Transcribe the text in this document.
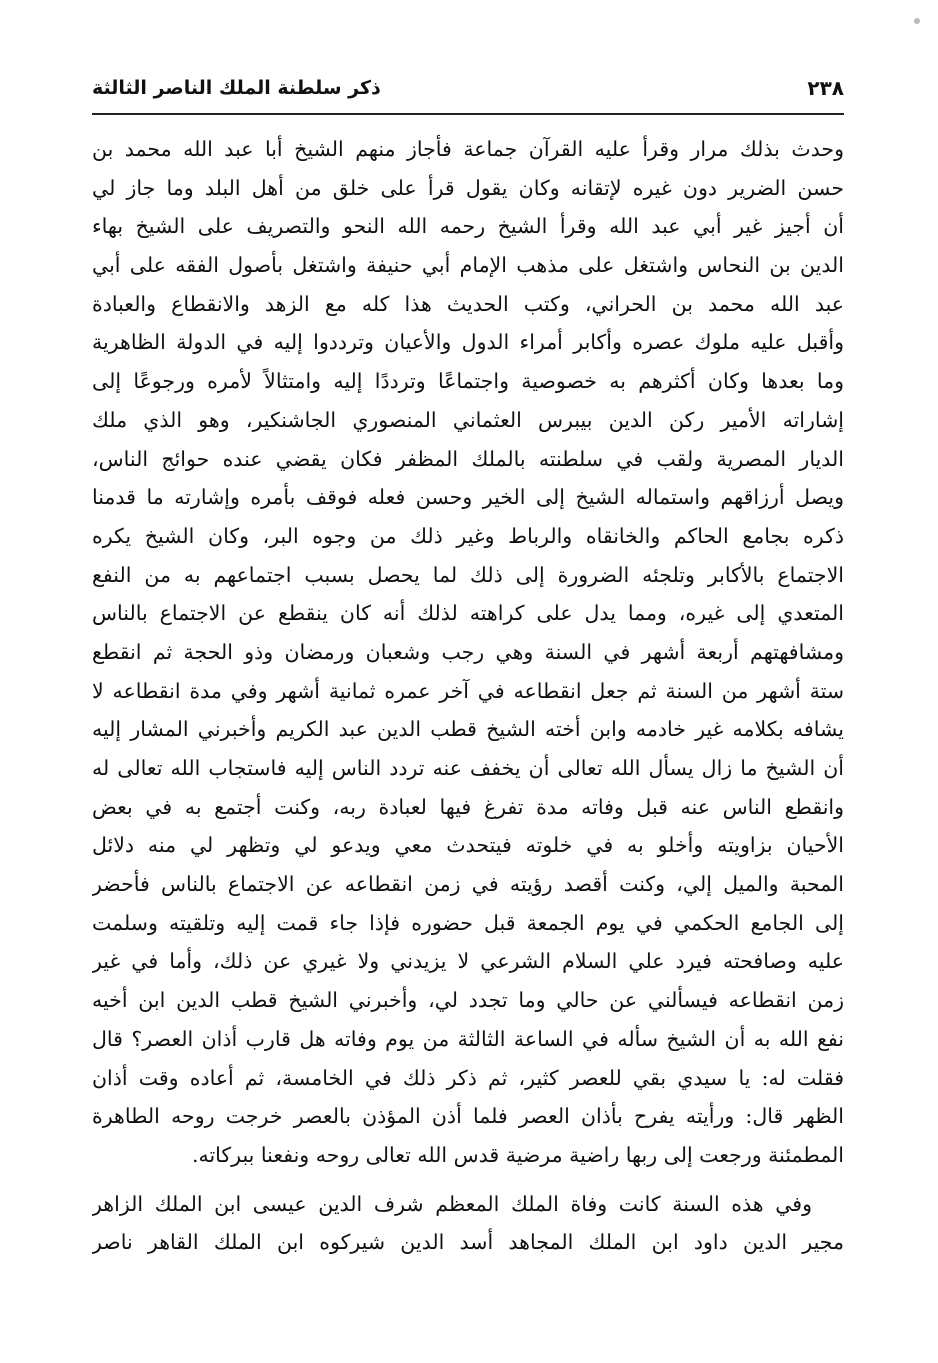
٢٣٨
ذكر سلطنة الملك الناصر الثالثة
وحدث بذلك مرار وقرأ عليه القرآن جماعة فأجاز منهم الشيخ أبا عبد الله محمد بن
حسن الضرير دون غيره لإتقانه وكان يقول قرأ على خلق من أهل البلد وما جاز لي
أن أجيز غير أبي عبد الله وقرأ الشيخ رحمه الله النحو والتصريف على الشيخ بهاء
الدين بن النحاس واشتغل على مذهب الإمام أبي حنيفة واشتغل بأصول الفقه على أبي
عبد الله محمد بن الحراني، وكتب الحديث هذا كله مع الزهد والانقطاع والعبادة
وأقبل عليه ملوك عصره وأكابر أمراء الدول والأعيان وترددوا إليه في الدولة الظاهرية
وما بعدها وكان أكثرهم به خصوصية واجتماعًا وترددًا إليه وامتثالاً لأمره ورجوعًا إلى
إشاراته الأمير ركن الدين بيبرس العثماني المنصوري الجاشنكير، وهو الذي ملك
الديار المصرية ولقب في سلطنته بالملك المظفر فكان يقضي عنده حوائج الناس،
ويصل أرزاقهم واستماله الشيخ إلى الخير وحسن فعله فوقف بأمره وإشارته ما قدمنا
ذكره بجامع الحاكم والخانقاه والرباط وغير ذلك من وجوه البر، وكان الشيخ يكره
الاجتماع بالأكابر وتلجئه الضرورة إلى ذلك لما يحصل بسبب اجتماعهم به من النفع
المتعدي إلى غيره، ومما يدل على كراهته لذلك أنه كان ينقطع عن الاجتماع بالناس
ومشافهتهم أربعة أشهر في السنة وهي رجب وشعبان ورمضان وذو الحجة ثم انقطع
ستة أشهر من السنة ثم جعل انقطاعه في آخر عمره ثمانية أشهر وفي مدة انقطاعه لا
يشافه بكلامه غير خادمه وابن أخته الشيخ قطب الدين عبد الكريم وأخبرني المشار إليه
أن الشيخ ما زال يسأل الله تعالى أن يخفف عنه تردد الناس إليه فاستجاب الله تعالى له
وانقطع الناس عنه قبل وفاته مدة تفرغ فيها لعبادة ربه، وكنت أجتمع به في بعض
الأحيان بزاويته وأخلو به في خلوته فيتحدث معي ويدعو لي وتظهر لي منه دلائل
المحبة والميل إلي، وكنت أقصد رؤيته في زمن انقطاعه عن الاجتماع بالناس فأحضر
إلى الجامع الحكمي في يوم الجمعة قبل حضوره فإذا جاء قمت إليه وتلقيته وسلمت
عليه وصافحته فيرد علي السلام الشرعي لا يزيدني ولا غيري عن ذلك، وأما في غير
زمن انقطاعه فيسألني عن حالي وما تجدد لي، وأخبرني الشيخ قطب الدين ابن أخيه
نفع الله به أن الشيخ سأله في الساعة الثالثة من يوم وفاته هل قارب أذان العصر؟ قال
فقلت له: يا سيدي بقي للعصر كثير، ثم ذكر ذلك في الخامسة، ثم أعاده وقت أذان
الظهر قال: ورأيته يفرح بأذان العصر فلما أذن المؤذن بالعصر خرجت روحه الطاهرة
المطمئنة ورجعت إلى ربها راضية مرضية قدس الله تعالى روحه ونفعنا ببركاته.
وفي هذه السنة كانت وفاة الملك المعظم شرف الدين عيسى ابن الملك الزاهر
مجير الدين داود ابن الملك المجاهد أسد الدين شيركوه ابن الملك القاهر ناصر
